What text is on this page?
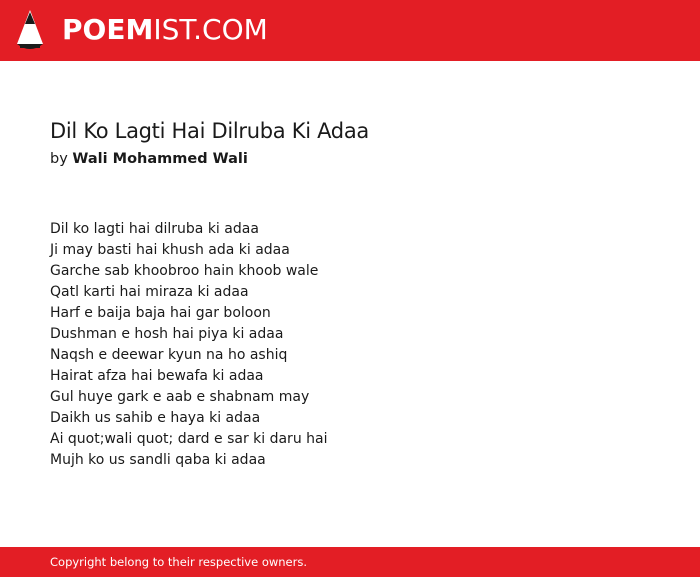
POEMIST.COM
Dil Ko Lagti Hai Dilruba Ki Adaa
by Wali Mohammed Wali
Dil ko lagti hai dilruba ki adaa
Ji may basti hai khush ada ki adaa
Garche sab khoobroo hain khoob wale
Qatl karti hai miraza ki adaa
Harf e baija baja hai gar boloon
Dushman e hosh hai piya ki adaa
Naqsh e deewar kyun na ho ashiq
Hairat afza hai bewafa ki adaa
Gul huye gark e aab e shabnam may
Daikh us sahib e haya ki adaa
Ai quot;wali quot; dard e sar ki daru hai
Mujh ko us sandli qaba ki adaa
Copyright belong to their respective owners.
